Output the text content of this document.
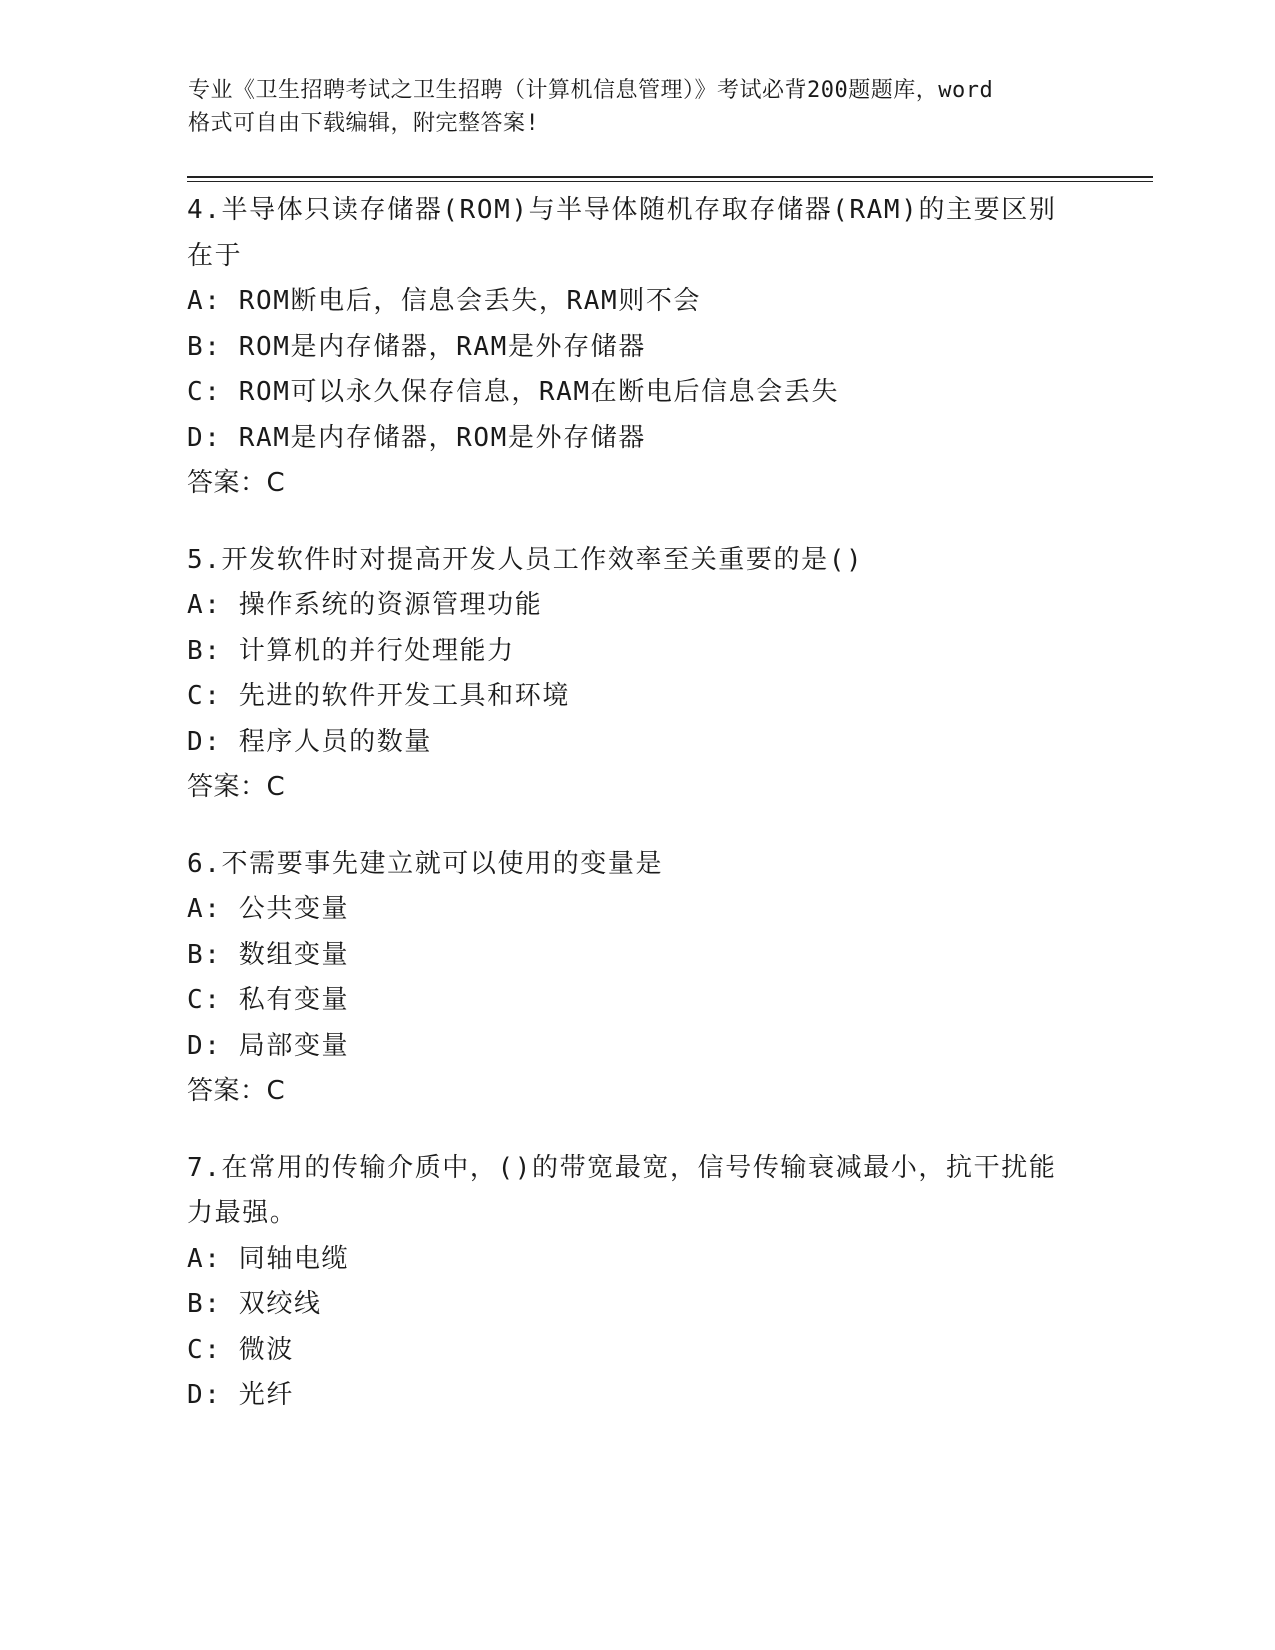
专业《卫生招聘考试之卫生招聘（计算机信息管理）》考试必背200题题库，word
格式可自由下载编辑，附完整答案!

4.半导体只读存储器(ROM)与半导体随机存取存储器(RAM)的主要区别在于

A: ROM断电后，信息会丢失，RAM则不会

B: ROM是内存储器，RAM是外存储器

C: ROM可以永久保存信息，RAM在断电后信息会丢失

D: RAM是内存储器，ROM是外存储器

答案：C

5.开发软件时对提高开发人员工作效率至关重要的是()

A: 操作系统的资源管理功能

B: 计算机的并行处理能力

C: 先进的软件开发工具和环境

D: 程序人员的数量

答案：C

6.不需要事先建立就可以使用的变量是

A: 公共变量

B: 数组变量

C: 私有变量

D: 局部变量

答案：C

7.在常用的传输介质中，()的带宽最宽，信号传输衰减最小，抗干扰能力最强。

A: 同轴电缆

B: 双绞线

C: 微波

D: 光纤
